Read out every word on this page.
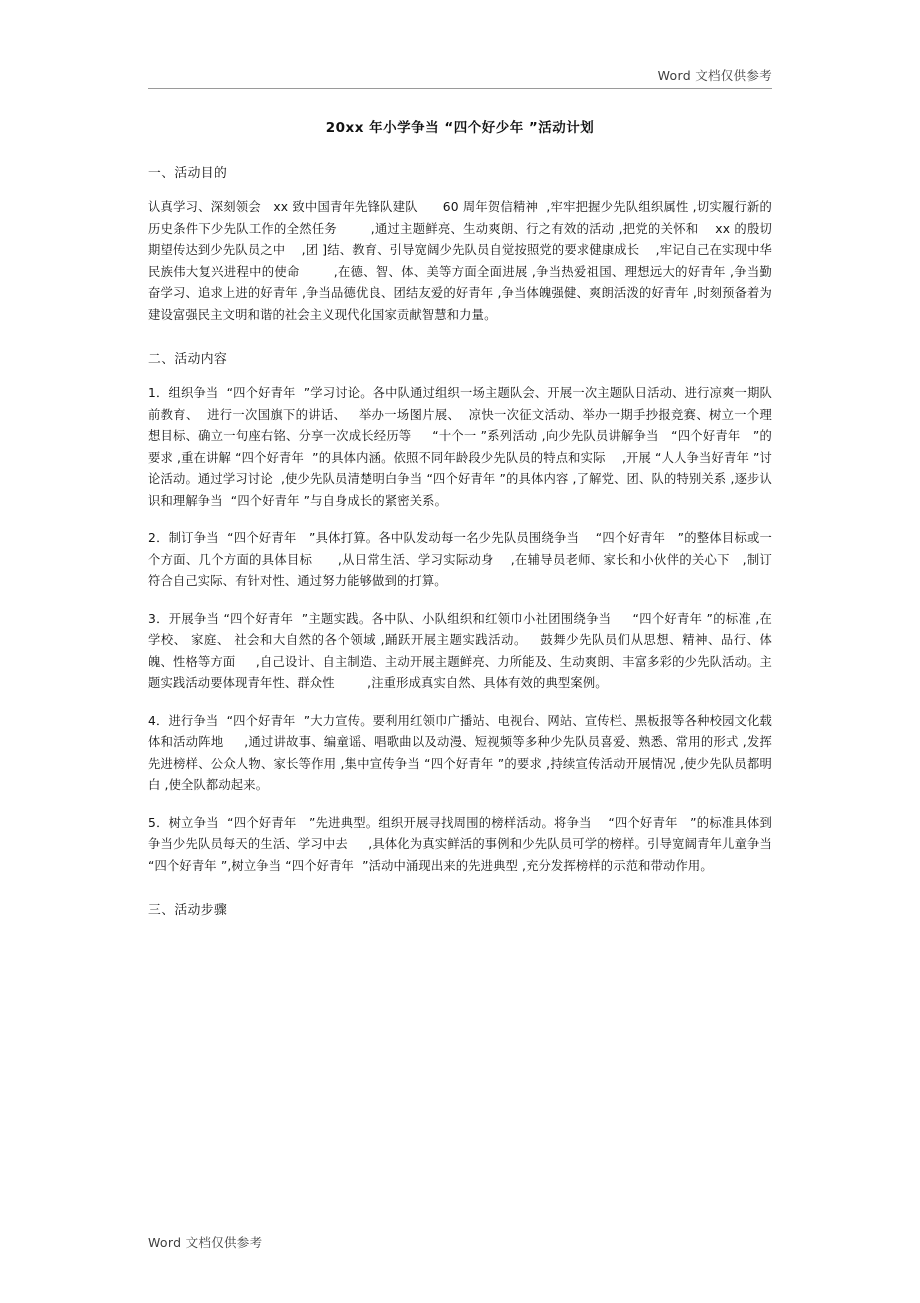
Word 文档仅供参考
20xx 年小学争当 “四个好少年 ”活动计划
一、活动目的

认真学习、深刻领会   xx 致中国青年先锋队建队      60 周年贺信精神  ,牢牢把握少先队组织属性 ,切实履行新的历史条件下少先队工作的全然任务        ,通过主题鲜亮、生动爽朗、行之有效的活动 ,把党的关怀和    xx 的殷切期望传达到少先队员之中    ,团 ]结、教育、引导宽阔少先队员自觉按照党的要求健康成长    ,牢记自己在实现中华民族伟大复兴进程中的使命        ,在德、智、体、美等方面全面进展 ,争当热爱祖国、理想远大的好青年 ,争当勤奋学习、追求上进的好青年 ,争当品德优良、团结友爱的好青年 ,争当体魄强健、爽朗活泼的好青年 ,时刻预备着为建设富强民主文明和谐的社会主义现代化国家贡献智慧和力量。

二、活动内容

1．组织争当  “四个好青年  ”学习讨论。各中队通过组织一场主题队会、开展一次主题队日活动、进行凉爽一期队前教育、  进行一次国旗下的讲话、   举办一场图片展、  凉快一次征文活动、举办一期手抄报竞赛、树立一个理想目标、确立一句座右铭、分享一次成长经历等     “十个一 ”系列活动 ,向少先队员讲解争当   “四个好青年   ”的要求 ,重在讲解 “四个好青年  ”的具体内涵。依照不同年龄段少先队员的特点和实际    ,开展 “人人争当好青年 ”讨论活动。通过学习讨论  ,使少先队员清楚明白争当 “四个好青年 ”的具体内容 ,了解党、团、队的特别关系 ,逐步认识和理解争当  “四个好青年 ”与自身成长的紧密关系。

2．制订争当  “四个好青年   ”具体打算。各中队发动每一名少先队员围绕争当    “四个好青年   ”的整体目标或一个方面、几个方面的具体目标      ,从日常生活、学习实际动身    ,在辅导员老师、家长和小伙伴的关心下   ,制订符合自己实际、有针对性、通过努力能够做到的打算。

3．开展争当 “四个好青年  ”主题实践。各中队、小队组织和红领巾小社团围绕争当     “四个好青年 ”的标准 ,在学校、 家庭、 社会和大自然的各个领域 ,踊跃开展主题实践活动。   鼓舞少先队员们从思想、精神、品行、体魄、性格等方面     ,自己设计、自主制造、主动开展主题鲜亮、力所能及、生动爽朗、丰富多彩的少先队活动。主题实践活动要体现青年性、群众性        ,注重形成真实自然、具体有效的典型案例。

4．进行争当  “四个好青年  ”大力宣传。要利用红领巾广播站、电视台、网站、宣传栏、黑板报等各种校园文化载体和活动阵地     ,通过讲故事、编童谣、唱歌曲以及动漫、短视频等多种少先队员喜爱、熟悉、常用的形式 ,发挥先进榜样、公众人物、家长等作用 ,集中宣传争当 “四个好青年 ”的要求 ,持续宣传活动开展情况 ,使少先队员都明白 ,使全队都动起来。

5．树立争当  “四个好青年   ”先进典型。组织开展寻找周围的榜样活动。将争当    “四个好青年   ”的标准具体到争当少先队员每天的生活、学习中去     ,具体化为真实鲜活的事例和少先队员可学的榜样。引导宽阔青年儿童争当   “四个好青年 ”,树立争当 “四个好青年  ”活动中涌现出来的先进典型 ,充分发挥榜样的示范和带动作用。

三、活动步骤
Word 文档仅供参考
